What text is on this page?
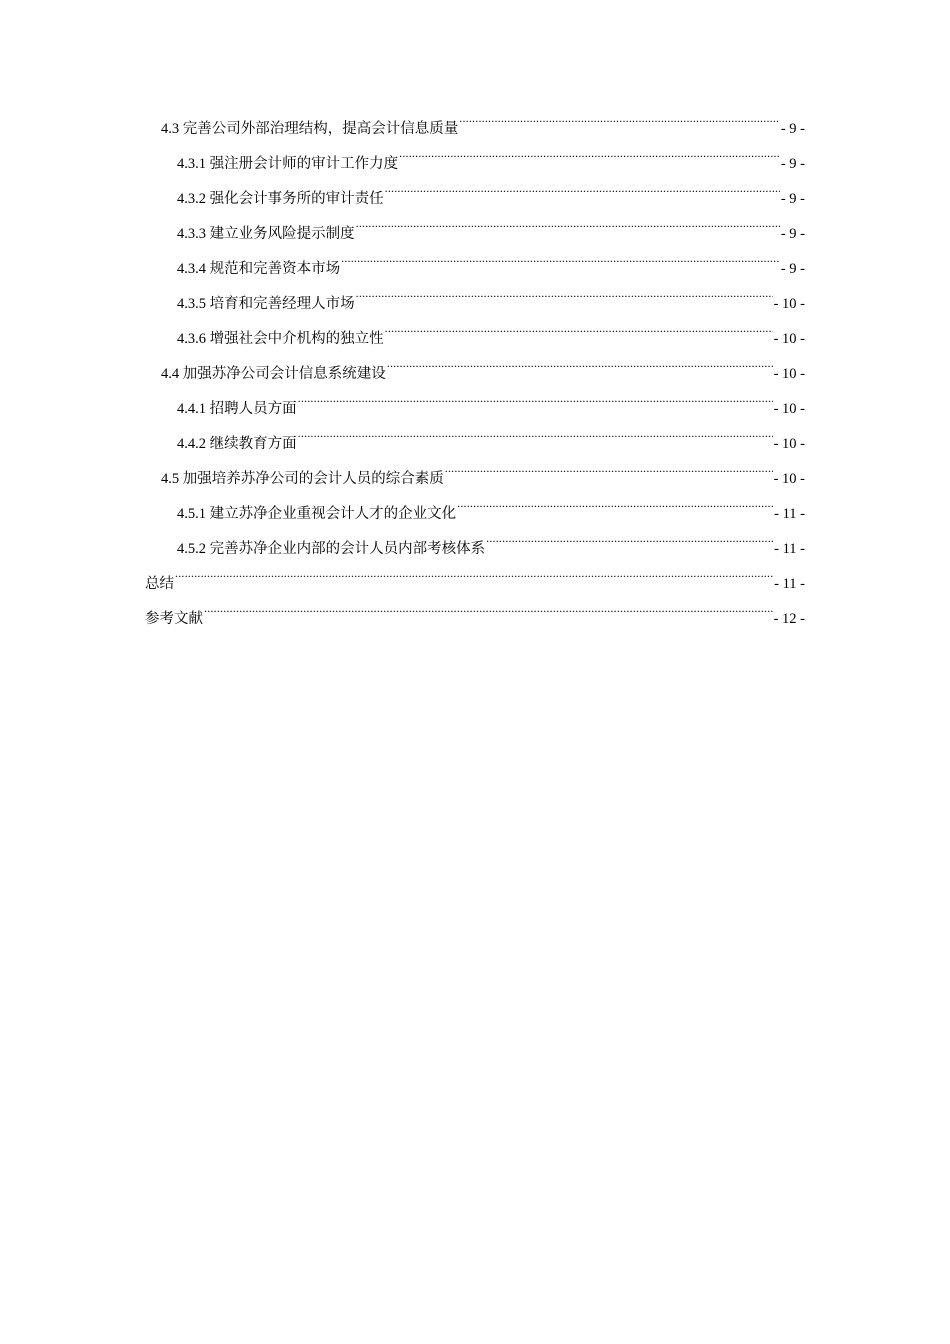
4.3 完善公司外部治理结构，提高会计信息质量 .....	- 9 -
4.3.1 强注册会计师的审计工作力度 .....	- 9 -
4.3.2 强化会计事务所的审计责任 .....	- 9 -
4.3.3 建立业务风险提示制度 .....	- 9 -
4.3.4 规范和完善资本市场 .....	- 9 -
4.3.5 培育和完善经理人市场 .....	- 10 -
4.3.6 增强社会中介机构的独立性 .....	- 10 -
4.4 加强苏净公司会计信息系统建设 .....	- 10 -
4.4.1 招聘人员方面 .....	- 10 -
4.4.2 继续教育方面 .....	- 10 -
4.5 加强培养苏净公司的会计人员的综合素质 .....	- 10 -
4.5.1 建立苏净企业重视会计人才的企业文化 .....	- 11 -
4.5.2 完善苏净企业内部的会计人员内部考核体系 .....	- 11 -
总结 .....	- 11 -
参考文献 .....	- 12 -
